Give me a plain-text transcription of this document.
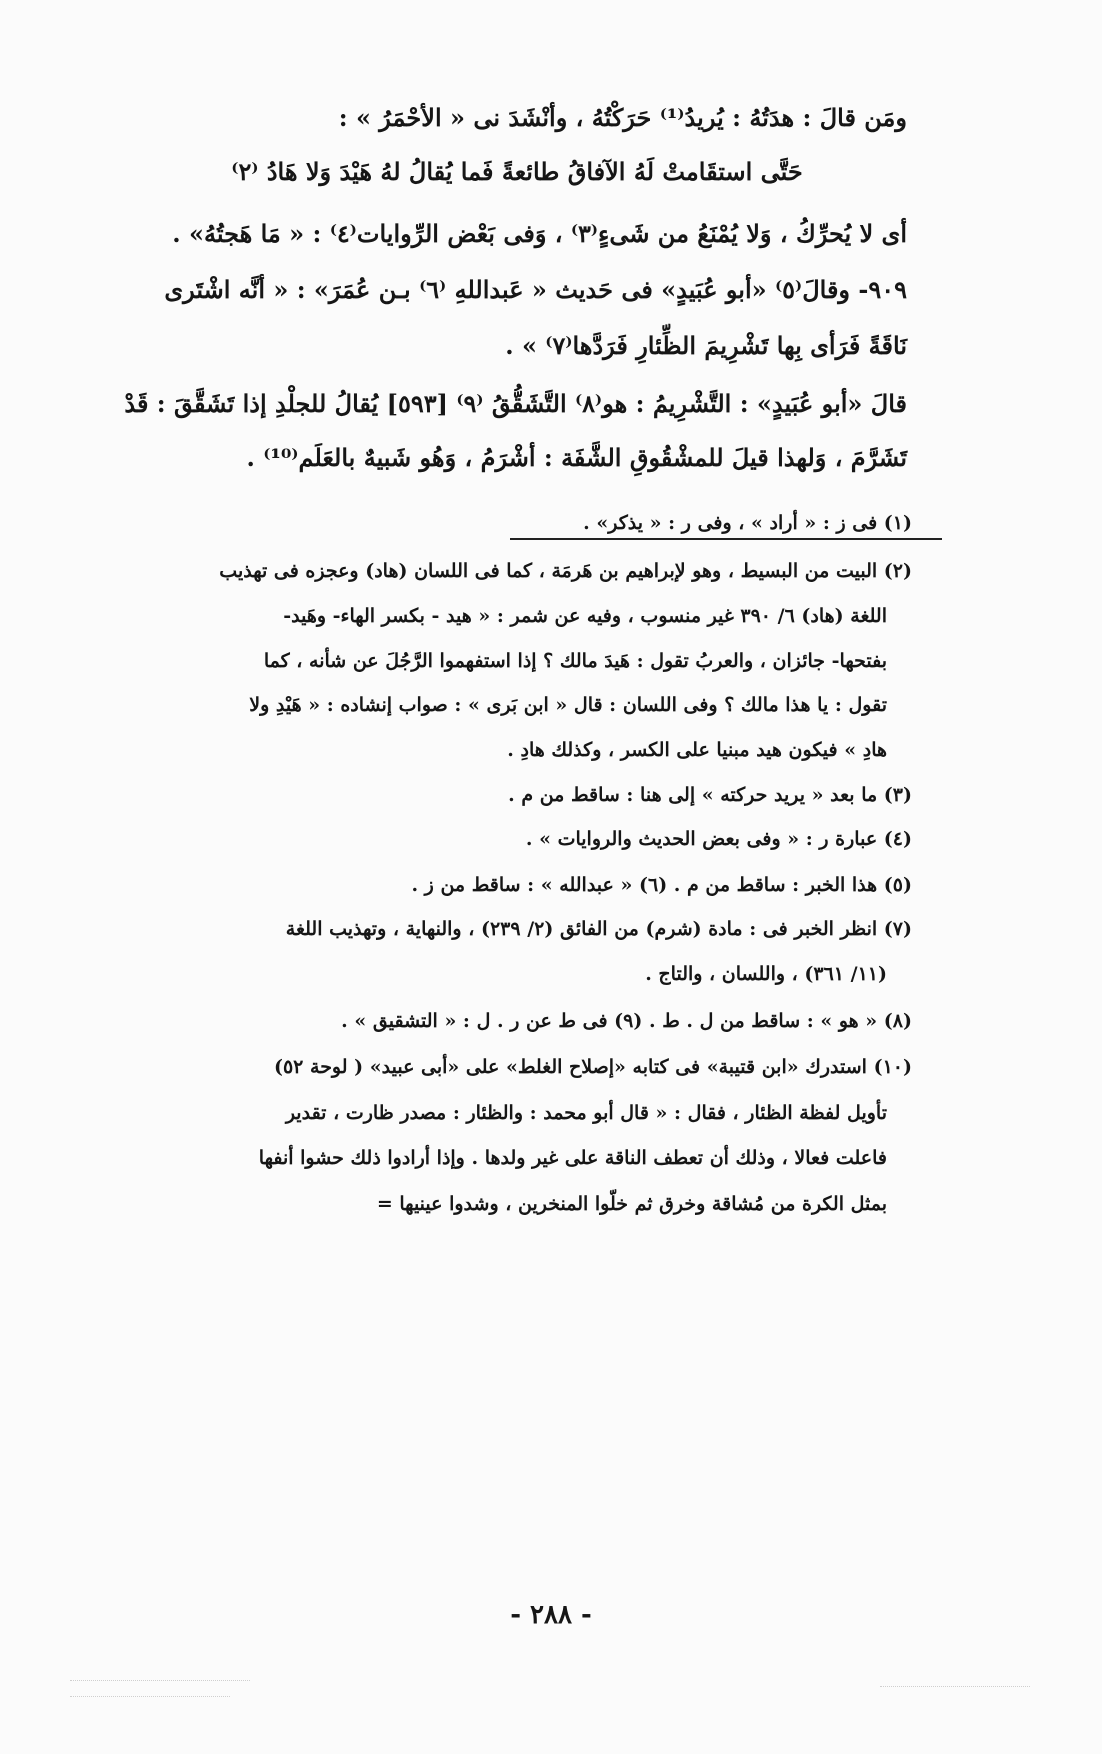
ومَن قالَ : هدَتُهُ : يُريدُ⁽¹⁾ حَرَكْتُهُ ، وأنْشَدَ نى « الأحْمَرُ » :
حَتَّى استقَامتْ لَهُ الآفاقُ طائعةً فَما يُقالُ لهُ هَيْدَ وَلا هَادُ ⁽٢⁾
أى لا يُحرِّكُ ، وَلا يُمْنَعُ من شَىءٍ⁽٣⁾ ، وَفى بَعْض الرِّوايات⁽٤⁾ : « مَا هَجتُهُ» .
٩٠٩- وقالَ⁽٥⁾ «أبو عُبَيدٍ» فى حَديث « عَبداللهِ ⁽٦⁾ بـن عُمَرَ» : « أنَّه اشْتَرى
نَاقَةً فَرَأى بِها تَشْرِيمَ الظِّئارِ فَرَدَّها⁽٧⁾ » .
قالَ «أبو عُبَيدٍ» : التَّشْرِيمُ : هو⁽٨⁾ التَّشَقُّقُ ⁽٩⁾ [٥٩٣] يُقالُ للجلْدِ إذا تَشَقَّقَ : قَدْ
تَشَرَّمَ ، وَلهذا قيلَ للمشْقُوقِ الشَّفَة : أشْرَمُ ، وَهُو شَبيهٌ بالعَلَم⁽¹⁰⁾ .
(١) فى ز : « أراد » ، وفى ر : « يذكر» .
(٢) البيت من البسيط ، وهو لإبراهيم بن هَرمَة ، كما فى اللسان (هاد) وعجزه فى تهذيب
اللغة (هاد) ٦/ ٣٩٠ غير منسوب ، وفيه عن شمر : « هيد - بكسر الهاء- وهَيد-
بفتحها- جائزان ، والعربُ تقول : هَيدَ مالك ؟ إذا استفهموا الرَّجُلَ عن شأنه ، كما
تقول : يا هذا مالك ؟ وفى اللسان : قال « ابن بَرى » : صواب إنشاده : « هَيْدِ ولا
هادِ » فيكون هيد مبنيا على الكسر ، وكذلك هادِ .
(٣) ما بعد « يريد حركته » إلى هنا : ساقط من م .
(٤) عبارة ر : « وفى بعض الحديث والروايات » .
(٥) هذا الخبر : ساقط من م . (٦) « عبدالله » : ساقط من ز .
(٧) انظر الخبر فى : مادة (شرم) من الفائق (٢/ ٢٣٩) ، والنهاية ، وتهذيب اللغة
(١١/ ٣٦١) ، واللسان ، والتاج .
(٨) « هو » : ساقط من ل . ط . (٩) فى ط عن ر . ل : « التشقيق » .
(١٠) استدرك «ابن قتيبة» فى كتابه «إصلاح الغلط» على «أبى عبيد» ( لوحة ٥٢)
تأويل لفظة الظئار ، فقال : « قال أبو محمد : والظئار : مصدر ظارت ، تقدير
فاعلت فعالا ، وذلك أن تعطف الناقة على غير ولدها . وإذا أرادوا ذلك حشوا أنفها
بمثل الكرة من مُشاقة وخرق ثم خلّوا المنخرين ، وشدوا عينيها =
- ٢٨٨ -
